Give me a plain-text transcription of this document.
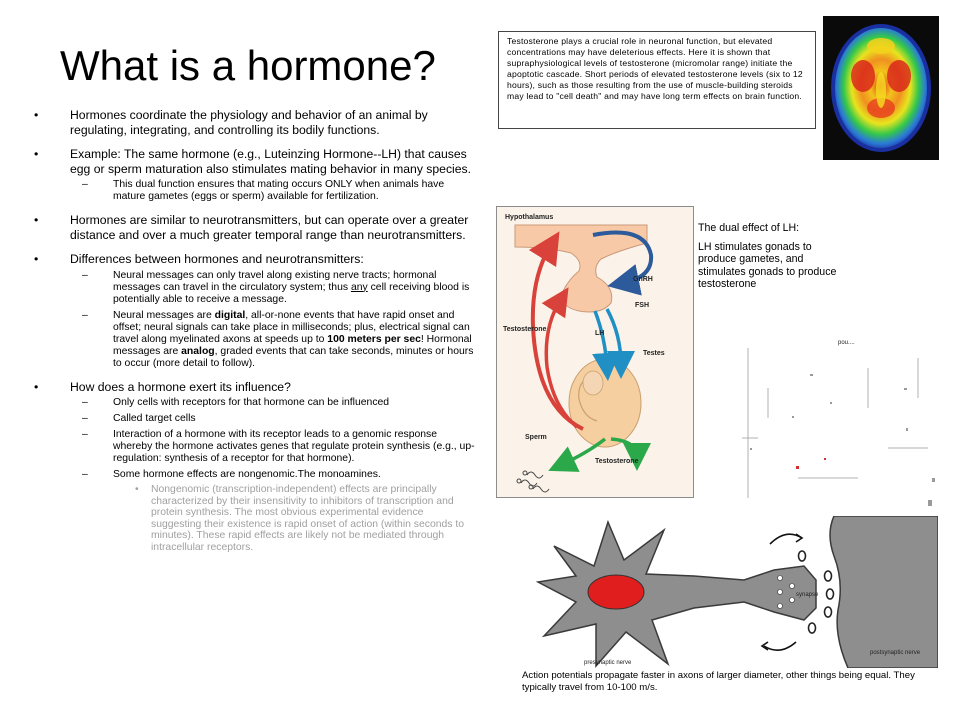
What is a hormone?
• Hormones coordinate the physiology and behavior of an animal by regulating, integrating, and controlling its bodily functions.
• Example: The same hormone (e.g., Luteinzing Hormone--LH) that causes egg or sperm maturation also stimulates mating behavior in many species.
– This dual function ensures that mating occurs ONLY when animals have mature gametes (eggs or sperm) available for fertilization.
• Hormones are similar to neurotransmitters, but can operate over a greater distance and over a much greater temporal range than neurotransmitters.
• Differences between hormones and neurotransmitters:
– Neural messages can only travel along existing nerve tracts; hormonal messages can travel in the circulatory system; thus any cell receiving blood is potentially able to receive a message.
– Neural messages are digital, all-or-none events that have rapid onset and offset; neural signals can take place in milliseconds; plus, electrical signal can travel along myelinated axons at speeds up to 100 meters per sec! Hormonal messages are analog, graded events that can take seconds, minutes or hours to occur (more detail to follow).
• How does a hormone exert its influence?
– Only cells with receptors for that hormone can be influenced
– Called target cells
– Interaction of a hormone with its receptor leads to a genomic response whereby the hormone activates genes that regulate protein synthesis (e.g., up-regulation: synthesis of a receptor for that hormone).
– Some hormone effects are nongenomic.The monoamines.
• Nongenomic (transcription-independent) effects are principally characterized by their insensitivity to inhibitors of transcription and protein synthesis. The most obvious experimental evidence suggesting their existence is rapid onset of action (within seconds to minutes). These rapid effects are likely not be mediated through intracellular receptors.
Testosterone plays a crucial role in neuronal function, but elevated concentrations may have deleterious effects. Here it is shown that supraphysiological levels of testosterone (micromolar range) initiate the apoptotic cascade. Short periods of elevated testosterone levels (six to 12 hours), such as those resulting from the use of muscle-building steroids may lead to "cell death" and may have long term effects on brain function.
Hypothalamus
GnRH
LH
FSH
Testosterone
Testes
Sperm
Testosterone

The dual effect of LH:

LH stimulates gonads to produce gametes, and stimulates gonads to produce testosterone

pou....
synapse
presynaptic nerve
postsynaptic nerve
Action potentials propagate faster in axons of larger diameter, other things being equal. They typically travel from 10-100 m/s.
